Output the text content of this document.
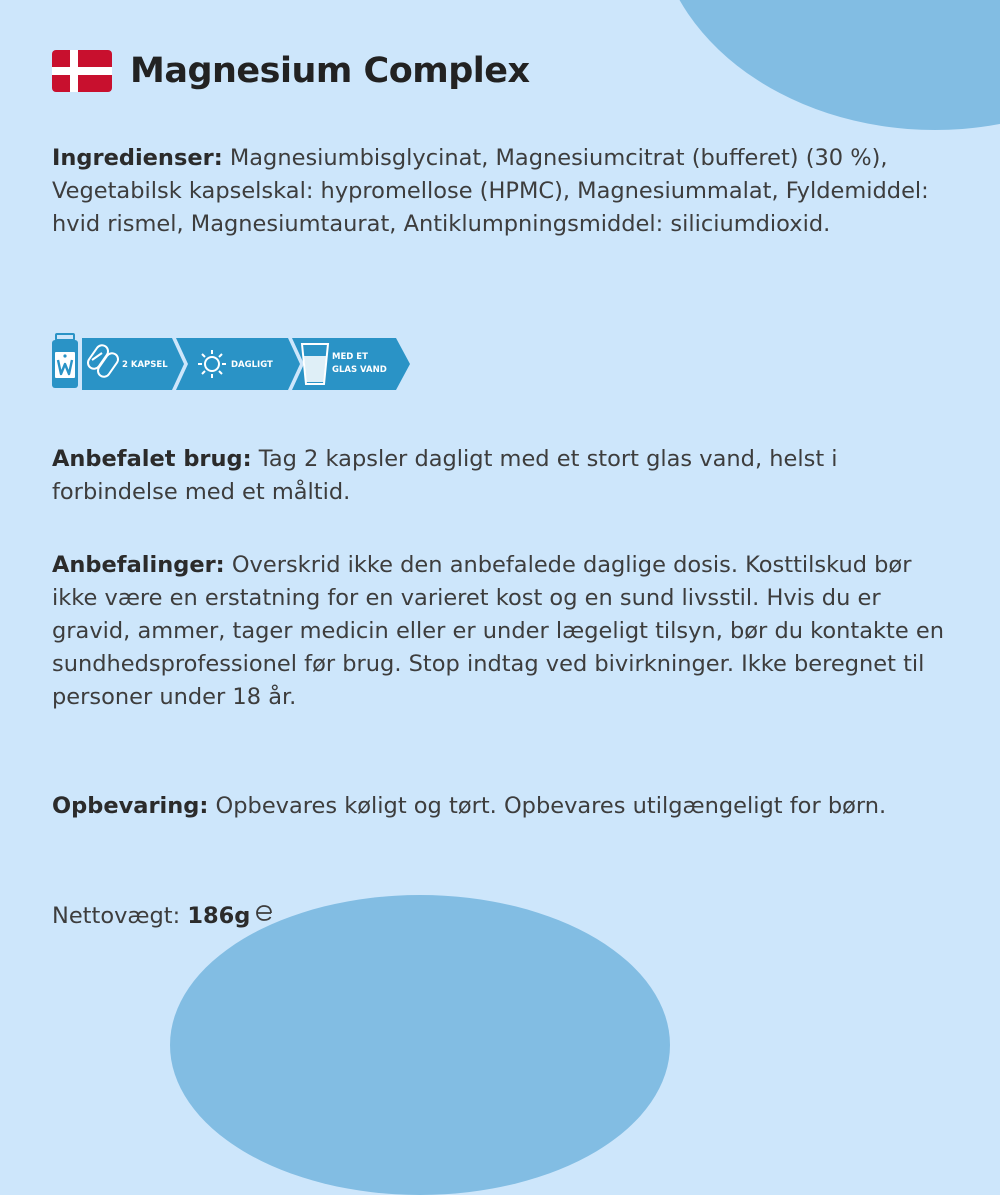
Magnesium Complex

Ingredienser: Magnesiumbisglycinat, Magnesiumcitrat (bufferet) (30 %), Vegetabilsk kapselskal: hypromellose (HPMC), Magnesiummalat, Fyldemiddel: hvid rismel, Magnesiumtaurat, Antiklumpningsmiddel: siliciumdioxid.

2 KAPSEL	DAGLIGT
MED ET
GLAS VAND

Anbefalet brug: Tag 2 kapsler dagligt med et stort glas vand, helst i forbindelse med et måltid.

Anbefalinger: Overskrid ikke den anbefalede daglige dosis. Kosttilskud bør ikke være en erstatning for en varieret kost og en sund livsstil. Hvis du er gravid, ammer, tager medicin eller er under lægeligt tilsyn, bør du kontakte en sundhedsprofessionel før brug. Stop indtag ved bivirkninger. Ikke beregnet til personer under 18 år.

Opbevaring: Opbevares køligt og tørt. Opbevares utilgængeligt for børn.

Nettovægt: 186g
